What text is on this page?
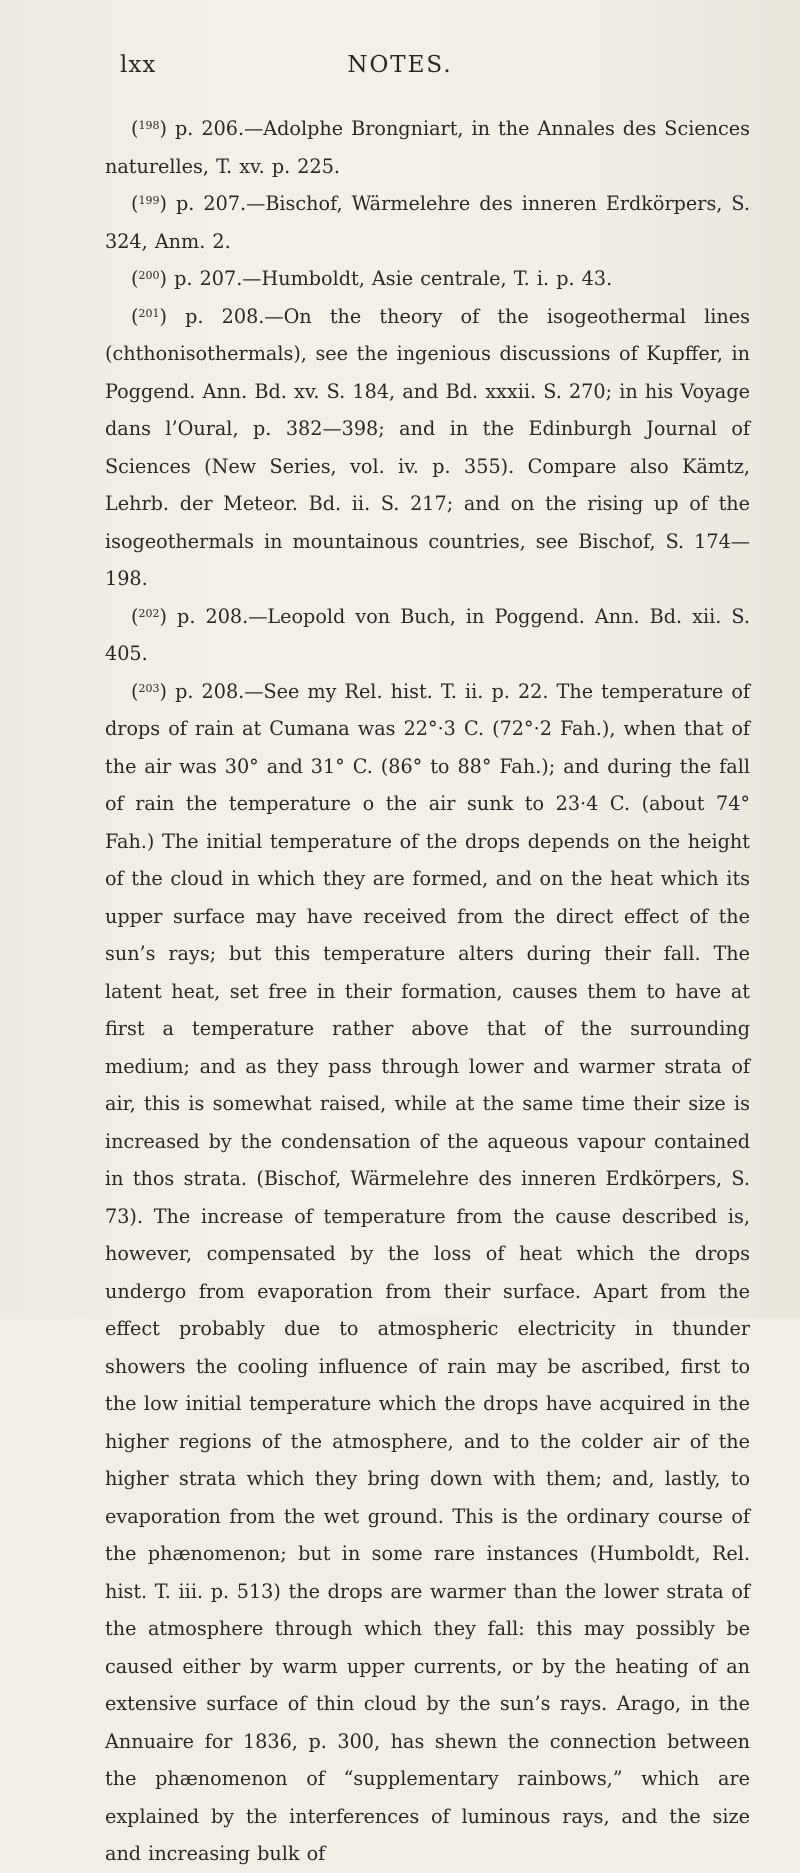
lxx	NOTES.

($^{198}$) p. 206.—Adolphe Brongniart, in the Annales des Sciences naturelles, T. xv. p. 225.

($^{199}$) p. 207.—Bischof, Wärmelehre des inneren Erdkörpers, S. 324, Anm. 2.

($^{200}$) p. 207.—Humboldt, Asie centrale, T. i. p. 43.

($^{201}$) p. 208.—On the theory of the isogeothermal lines (chthonisothermals), see the ingenious discussions of Kupffer, in Poggend. Ann. Bd. xv. S. 184, and Bd. xxxii. S. 270; in his Voyage dans l’Oural, p. 382—398; and in the Edinburgh Journal of Sciences (New Series, vol. iv. p. 355). Compare also Kämtz, Lehrb. der Meteor. Bd. ii. S. 217; and on the rising up of the isogeothermals in mountainous countries, see Bischof, S. 174—198.

($^{202}$) p. 208.—Leopold von Buch, in Poggend. Ann. Bd. xii. S. 405.

($^{203}$) p. 208.—See my Rel. hist. T. ii. p. 22. The temperature of drops of rain at Cumana was 22°·3 C. (72°·2 Fah.), when that of the air was 30° and 31° C. (86° to 88° Fah.); and during the fall of rain the temperature o the air sunk to 23·4 C. (about 74° Fah.) The initial temperature of the drops depends on the height of the cloud in which they are formed, and on the heat which its upper surface may have received from the direct effect of the sun’s rays; but this temperature alters during their fall. The latent heat, set free in their formation, causes them to have at first a temperature rather above that of the surrounding medium; and as they pass through lower and warmer strata of air, this is somewhat raised, while at the same time their size is increased by the condensation of the aqueous vapour contained in thos strata. (Bischof, Wärmelehre des inneren Erdkörpers, S. 73). The increase of temperature from the cause described is, however, compensated by the loss of heat which the drops undergo from evaporation from their surface. Apart from the effect probably due to atmospheric electricity in thunder showers the cooling influence of rain may be ascribed, first to the low initial temperature which the drops have acquired in the higher regions of the atmosphere, and to the colder air of the higher strata which they bring down with them; and, lastly, to evaporation from the wet ground. This is the ordinary course of the phænomenon; but in some rare instances (Humboldt, Rel. hist. T. iii. p. 513) the drops are warmer than the lower strata of the atmosphere through which they fall: this may possibly be caused either by warm upper currents, or by the heating of an extensive surface of thin cloud by the sun’s rays. Arago, in the Annuaire for 1836, p. 300, has shewn the connection between the phænomenon of “supplementary rainbows,” which are explained by the interferences of luminous rays, and the size and increasing bulk of
